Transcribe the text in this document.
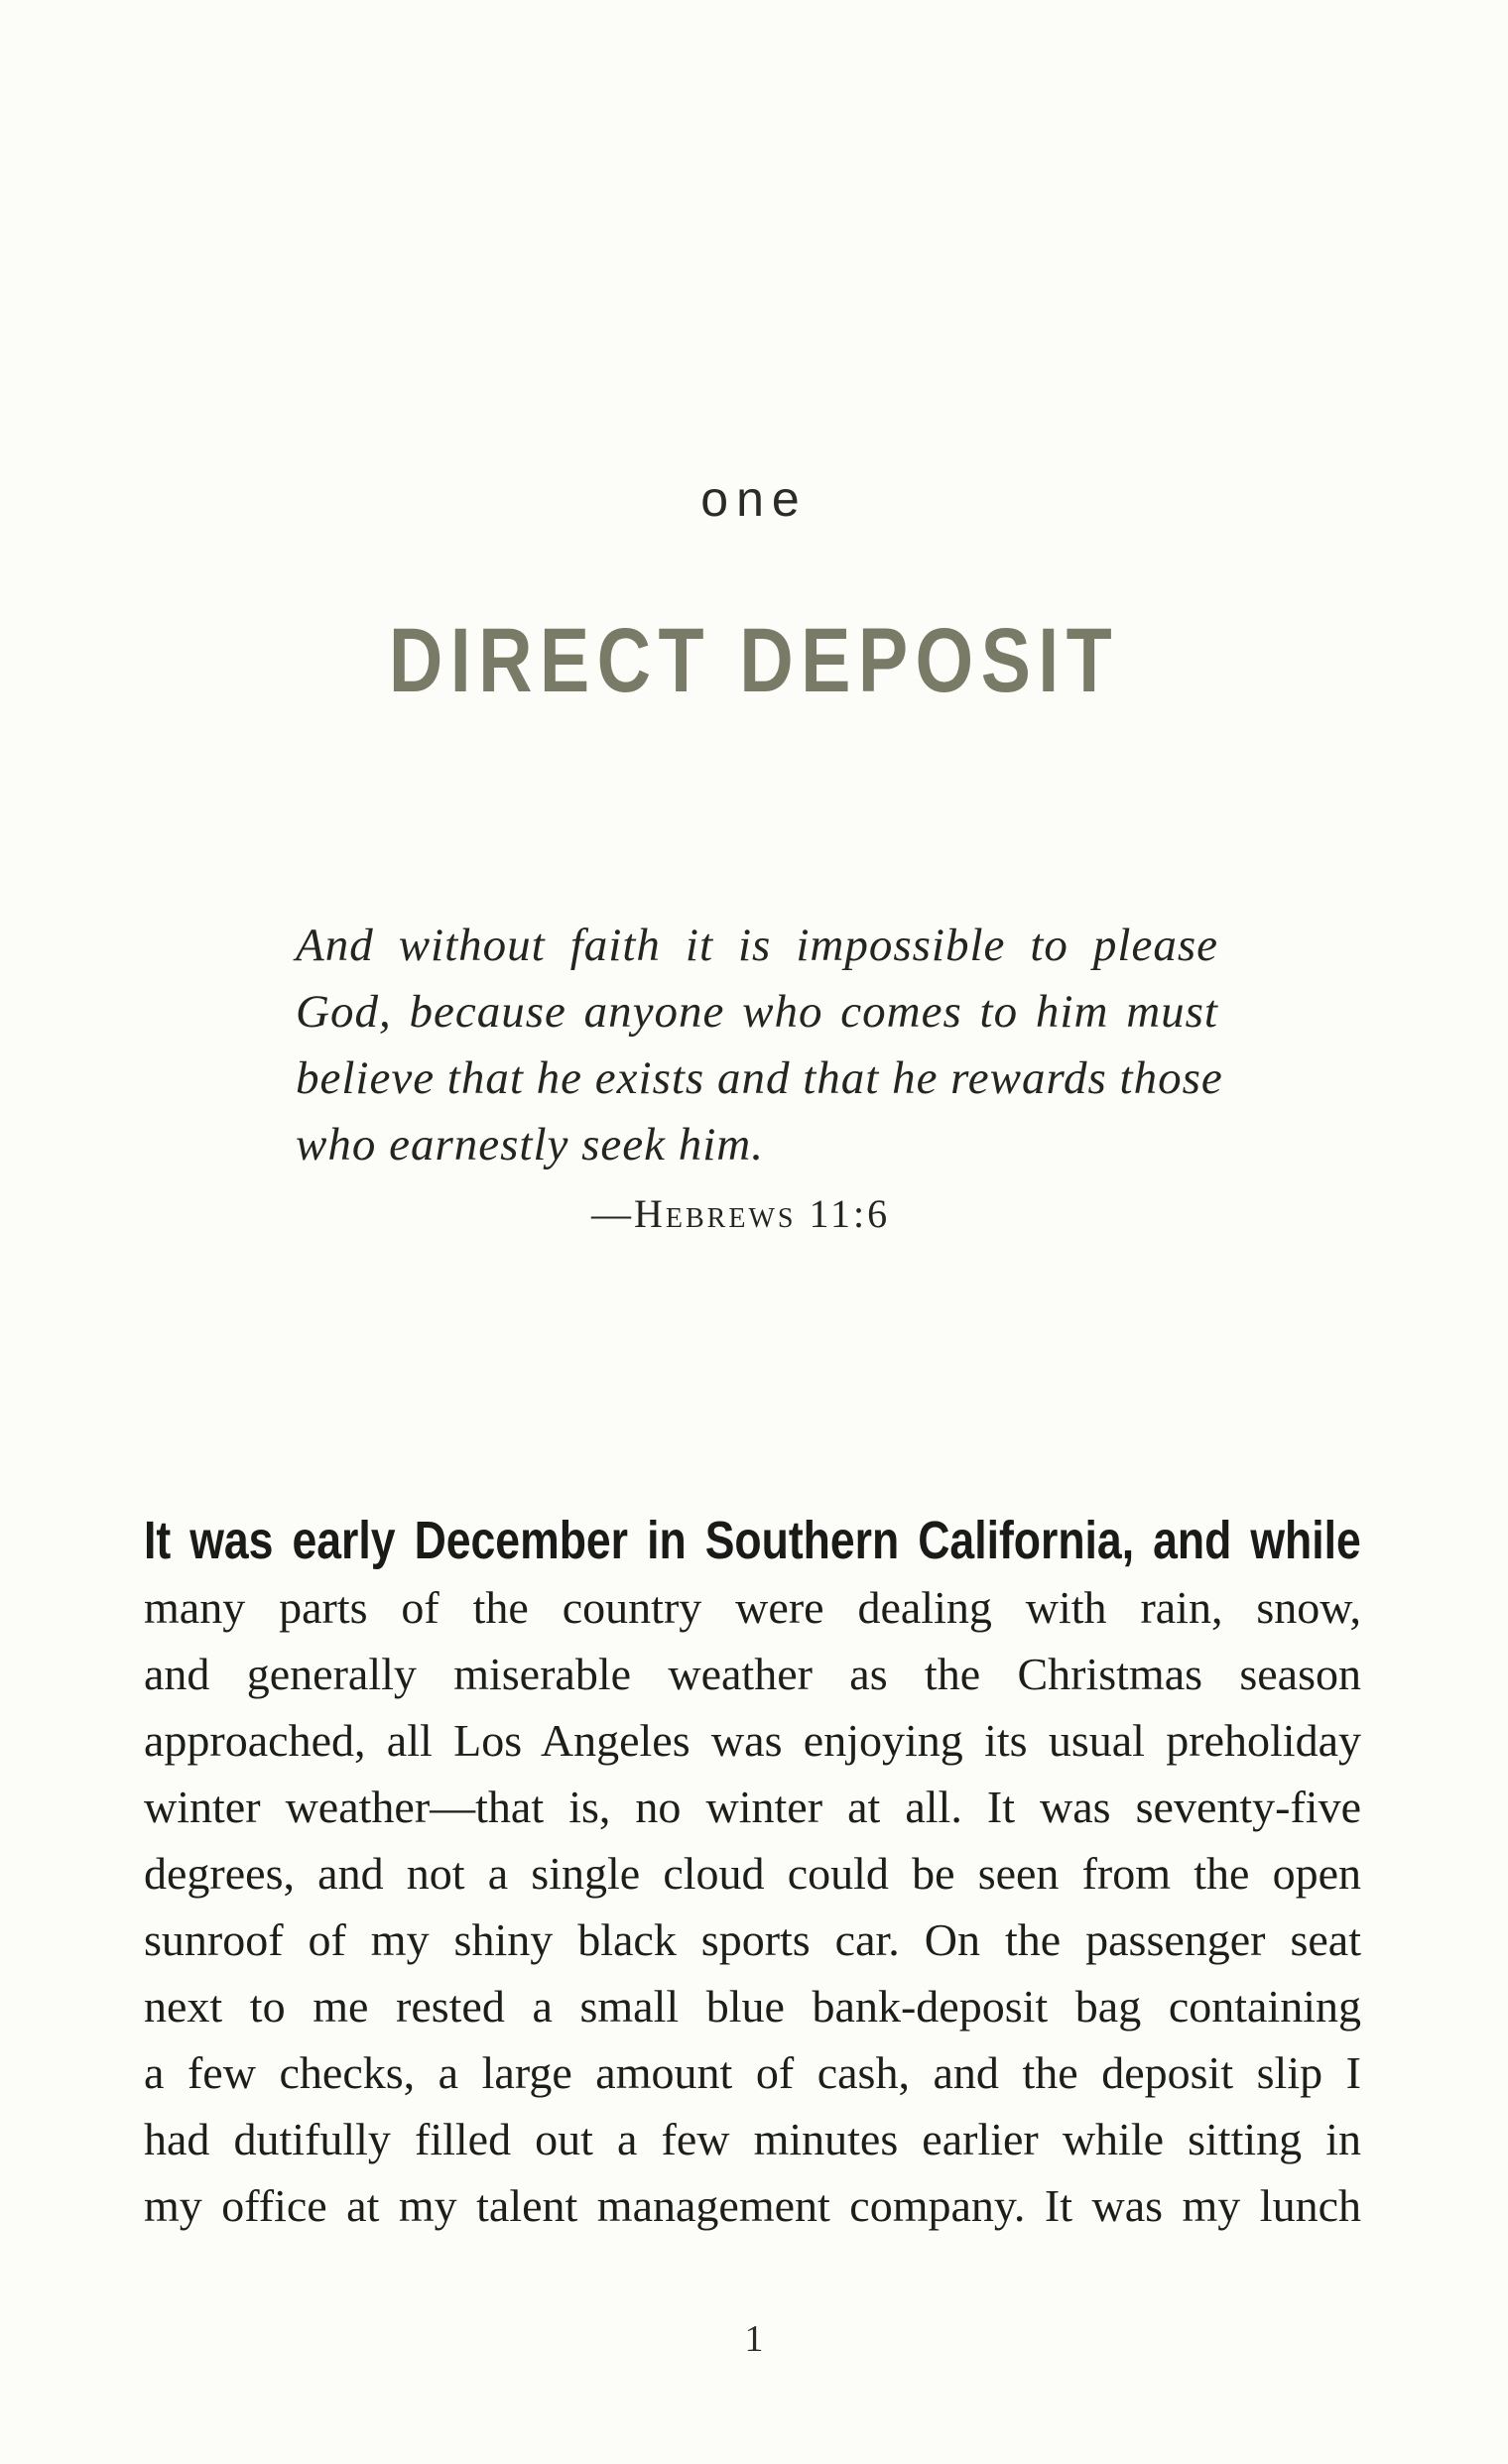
one
DIRECT DEPOSIT
And without faith it is impossible to please
God, because anyone who comes to him must
believe that he exists and that he rewards those
who earnestly seek him.
—Hebrews 11:6
It was early December in Southern California, and while
many parts of the country were dealing with rain, snow,
and generally miserable weather as the Christmas season
approached, all Los Angeles was enjoying its usual preholiday
winter weather—that is, no winter at all. It was seventy-five
degrees, and not a single cloud could be seen from the open
sunroof of my shiny black sports car. On the passenger seat
next to me rested a small blue bank-deposit bag containing
a few checks, a large amount of cash, and the deposit slip I
had dutifully filled out a few minutes earlier while sitting in
my office at my talent management company. It was my lunch
1
